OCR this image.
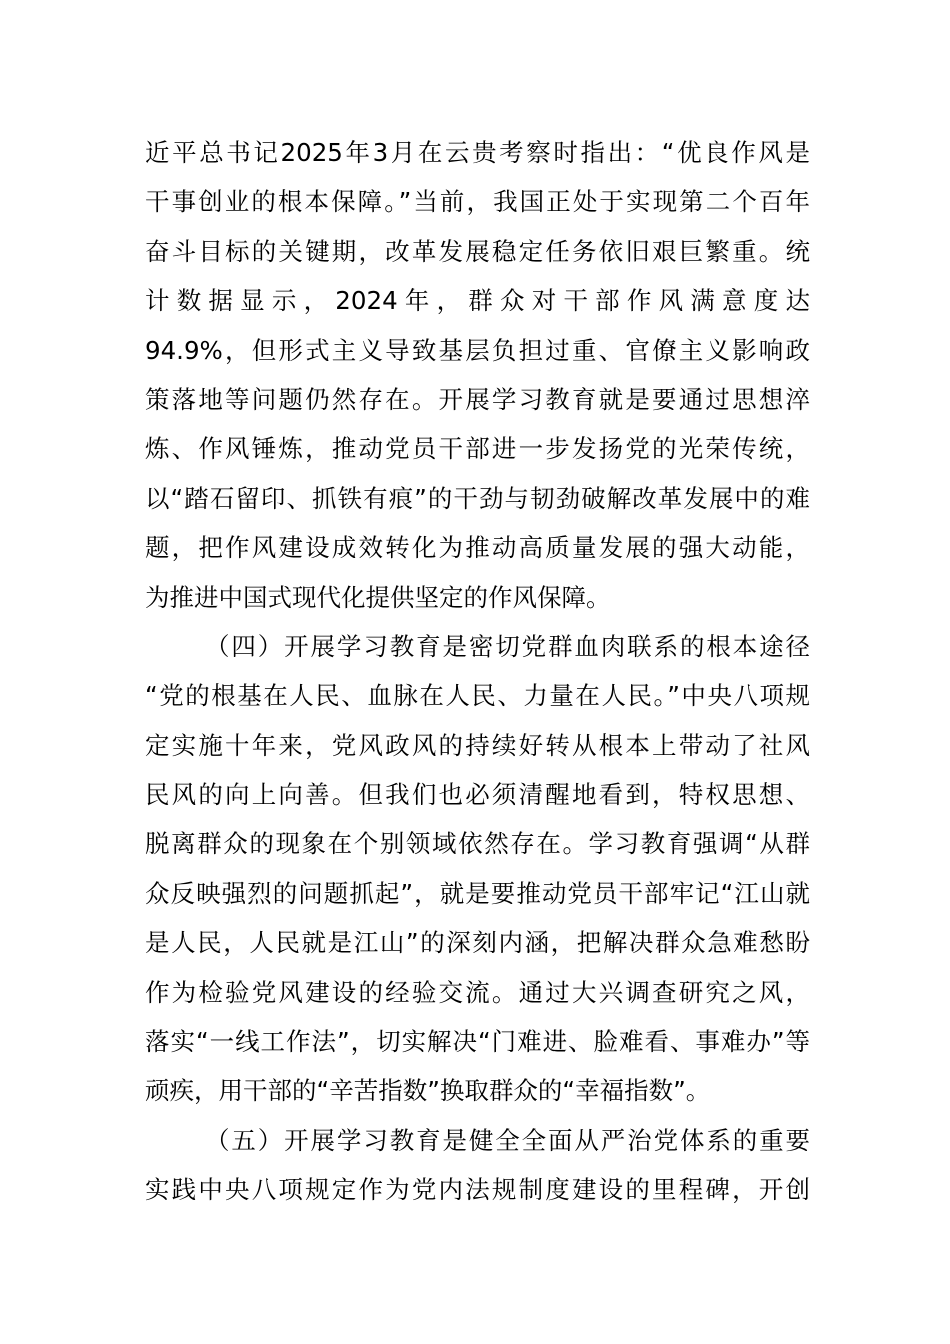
近平总书记2025年3月在云贵考察时指出：“优良作风是
干事创业的根本保障。”当前，我国正处于实现第二个百年
奋斗目标的关键期，改革发展稳定任务依旧艰巨繁重。统
计数据显示，2024年，群众对干部作风满意度达
94.9%，但形式主义导致基层负担过重、官僚主义影响政
策落地等问题仍然存在。开展学习教育就是要通过思想淬
炼、作风锤炼，推动党员干部进一步发扬党的光荣传统，
以“踏石留印、抓铁有痕”的干劲与韧劲破解改革发展中的难
题，把作风建设成效转化为推动高质量发展的强大动能，
为推进中国式现代化提供坚定的作风保障。
（四）开展学习教育是密切党群血肉联系的根本途径
“党的根基在人民、血脉在人民、力量在人民。”中央八项规
定实施十年来，党风政风的持续好转从根本上带动了社风
民风的向上向善。但我们也必须清醒地看到，特权思想、
脱离群众的现象在个别领域依然存在。学习教育强调“从群
众反映强烈的问题抓起”，就是要推动党员干部牢记“江山就
是人民，人民就是江山”的深刻内涵，把解决群众急难愁盼
作为检验党风建设的经验交流。通过大兴调查研究之风，
落实“一线工作法”，切实解决“门难进、脸难看、事难办”等
顽疾，用干部的“辛苦指数”换取群众的“幸福指数”。
（五）开展学习教育是健全全面从严治党体系的重要
实践中央八项规定作为党内法规制度建设的里程碑，开创
